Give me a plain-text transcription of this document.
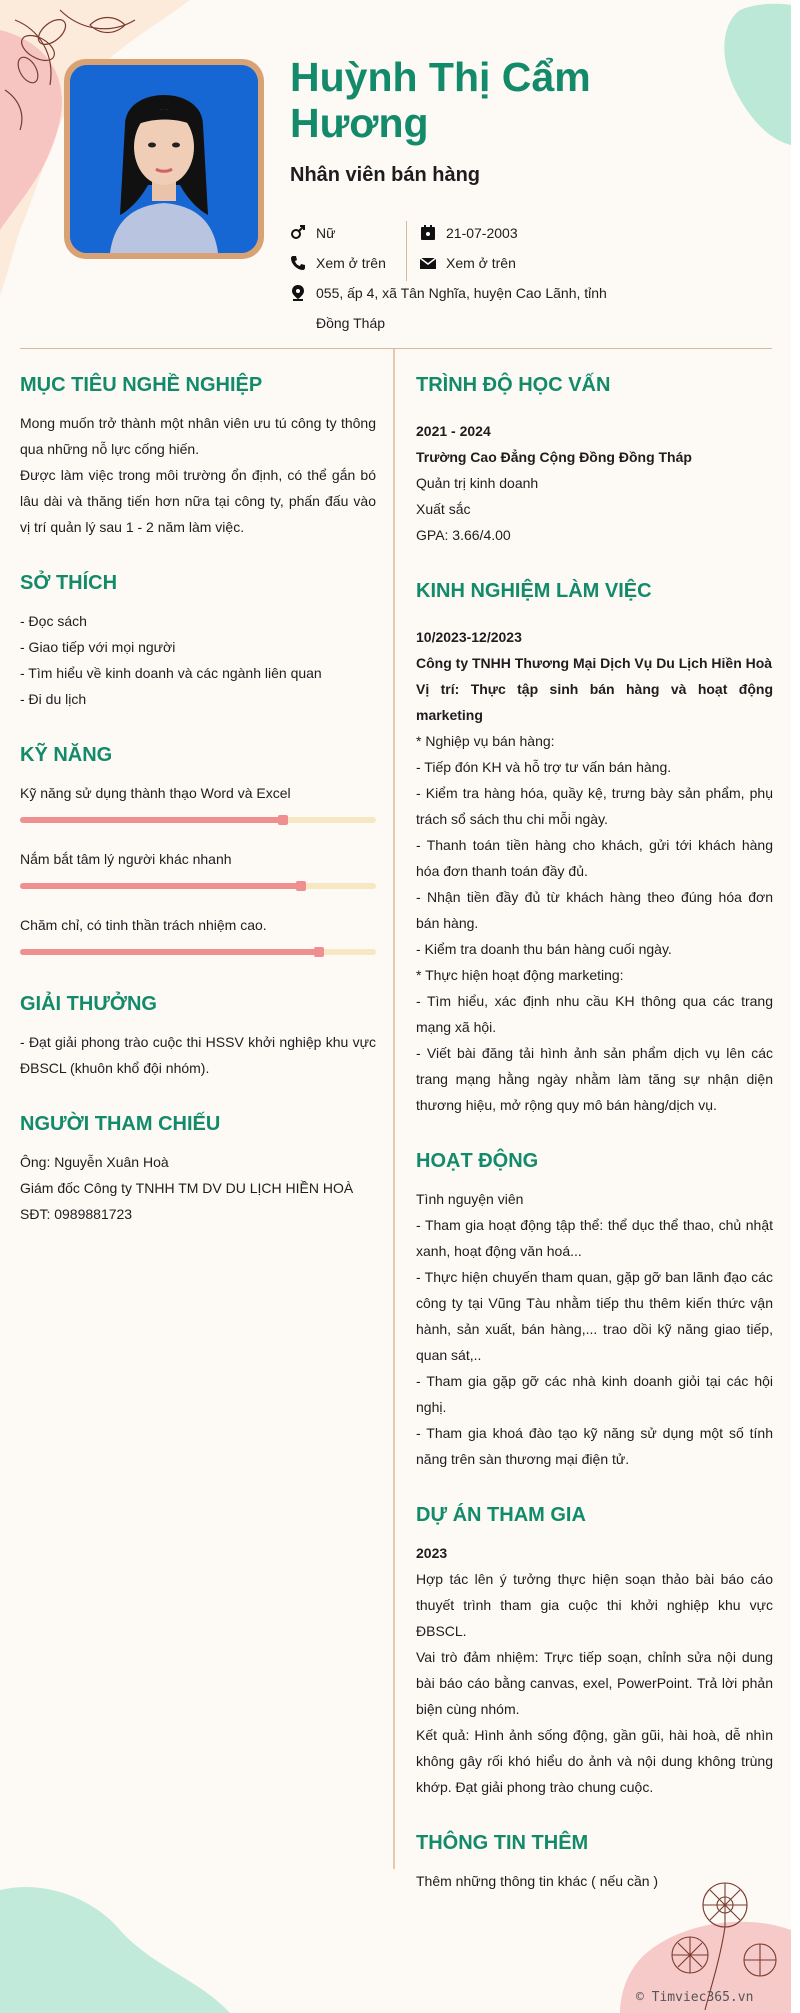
Huỳnh Thị Cẩm Hương
Nhân viên bán hàng
Nữ	21-07-2003
Xem ở trên	Xem ở trên
055, ấp 4, xã Tân Nghĩa, huyện Cao Lãnh, tỉnh Đồng Tháp
MỤC TIÊU NGHỀ NGHIỆP
Mong muốn trở thành một nhân viên ưu tú công ty thông qua những nỗ lực cống hiến.
Được làm việc trong môi trường ổn định, có thể gắn bó lâu dài và thăng tiến hơn nữa tại công ty, phấn đấu vào vị trí quản lý sau 1 - 2 năm làm việc.
SỞ THÍCH
- Đọc sách
- Giao tiếp với mọi người
- Tìm hiểu về kinh doanh và các ngành liên quan
- Đi du lịch
KỸ NĂNG
Kỹ năng sử dụng thành thạo Word và Excel
Nắm bắt tâm lý người khác nhanh
Chăm chỉ, có tinh thần trách nhiệm cao.
GIẢI THƯỞNG
- Đạt giải phong trào cuộc thi HSSV khởi nghiệp khu vực ĐBSCL (khuôn khổ đội nhóm).
NGƯỜI THAM CHIẾU
Ông: Nguyễn Xuân Hoà
Giám đốc Công ty TNHH TM DV DU LỊCH HIỀN HOÀ
SĐT: 0989881723
TRÌNH ĐỘ HỌC VẤN
2021 - 2024
Trường Cao Đẳng Cộng Đồng Đồng Tháp
Quản trị kinh doanh
Xuất sắc
GPA: 3.66/4.00
KINH NGHIỆM LÀM VIỆC
10/2023-12/2023
Công ty TNHH Thương Mại Dịch Vụ Du Lịch Hiền Hoà
Vị trí: Thực tập sinh bán hàng và hoạt động marketing
* Nghiệp vụ bán hàng:
- Tiếp đón KH và hỗ trợ tư vấn bán hàng.
- Kiểm tra hàng hóa, quầy kệ, trưng bày sản phẩm, phụ trách sổ sách thu chi mỗi ngày.
- Thanh toán tiền hàng cho khách, gửi tới khách hàng hóa đơn thanh toán đầy đủ.
- Nhận tiền đầy đủ từ khách hàng theo đúng hóa đơn bán hàng.
- Kiểm tra doanh thu bán hàng cuối ngày.
* Thực hiện hoạt động marketing:
- Tìm hiểu, xác định nhu cầu KH thông qua các trang mạng xã hội.
- Viết bài đăng tải hình ảnh sản phẩm dịch vụ lên các trang mạng hằng ngày nhằm làm tăng sự nhận diện thương hiệu, mở rộng quy mô bán hàng/dịch vụ.
HOẠT ĐỘNG
Tình nguyện viên
- Tham gia hoạt động tập thể: thể dục thể thao, chủ nhật xanh, hoạt động văn hoá...
- Thực hiện chuyến tham quan, gặp gỡ ban lãnh đạo các công ty tại Vũng Tàu nhằm tiếp thu thêm kiến thức vận hành, sản xuất, bán hàng,... trao dồi kỹ năng giao tiếp, quan sát,..
- Tham gia gặp gỡ các nhà kinh doanh giỏi tại các hội nghị.
- Tham gia khoá đào tạo kỹ năng sử dụng một số tính năng trên sàn thương mại điện tử.
DỰ ÁN THAM GIA
2023
Hợp tác lên ý tưởng thực hiện soạn thảo bài báo cáo thuyết trình tham gia cuộc thi khởi nghiệp khu vực ĐBSCL.
Vai trò đảm nhiệm: Trực tiếp soạn, chỉnh sửa nội dung bài báo cáo bằng canvas, exel, PowerPoint. Trả lời phản biện cùng nhóm.
Kết quả: Hình ảnh sống động, gần gũi, hài hoà, dễ nhìn không gây rối khó hiểu do ảnh và nội dung không trùng khớp. Đạt giải phong trào chung cuộc.
THÔNG TIN THÊM
Thêm những thông tin khác ( nếu cần )
© Timviec365.vn
